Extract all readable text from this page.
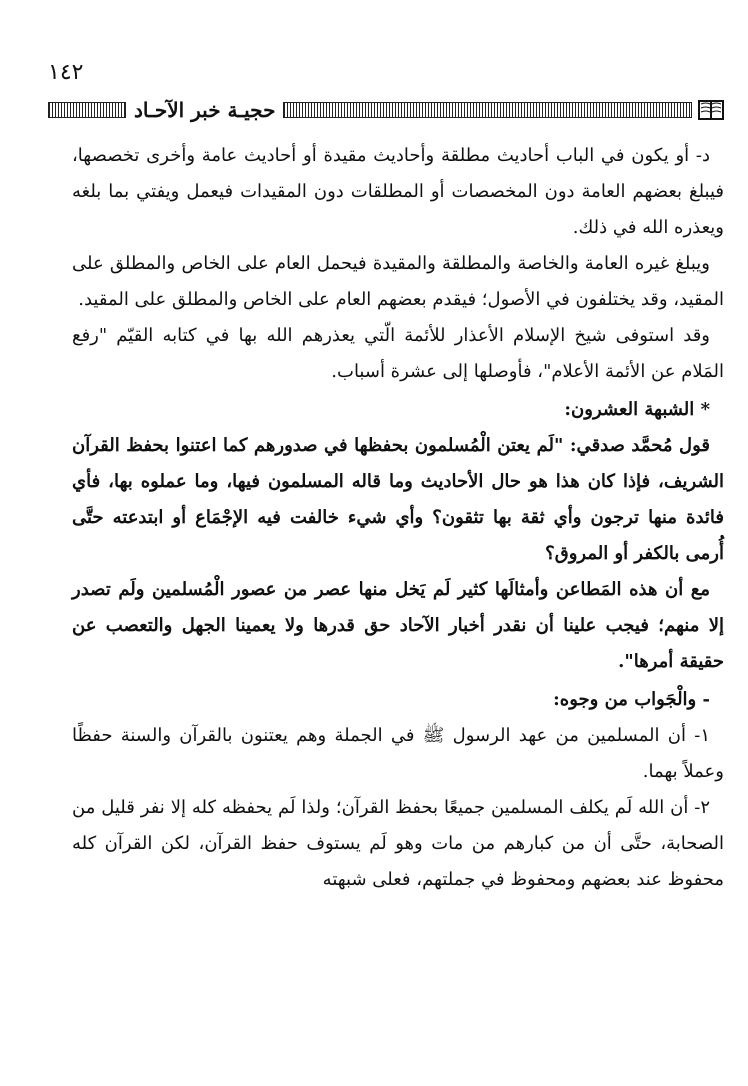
١٤٢
حجيـة خبر الآحـاد

د- أو يكون في الباب أحاديث مطلقة وأحاديث مقيدة أو أحاديث عامة وأخرى تخصصها، فيبلغ بعضهم العامة دون المخصصات أو المطلقات دون المقيدات فيعمل ويفتي بما بلغه ويعذره الله في ذلك.

ويبلغ غيره العامة والخاصة والمطلقة والمقيدة فيحمل العام على الخاص والمطلق على المقيد، وقد يختلفون في الأصول؛ فيقدم بعضهم العام على الخاص والمطلق على المقيد.

وقد استوفى شيخ الإسلام الأعذار للأئمة الّتي يعذرهم الله بها في كتابه القيّم "رفع المَلام عن الأئمة الأعلام"، فأوصلها إلى عشرة أسباب.

* الشبهة العشرون:

قول مُحمَّد صدقي: "لَم يعتن الْمُسلمون بحفظها في صدورهم كما اعتنوا بحفظ القرآن الشريف، فإذا كان هذا هو حال الأحاديث وما قاله المسلمون فيها، وما عملوه بها، فأي فائدة منها ترجون وأي ثقة بها تثقون؟ وأي شيء خالفت فيه الإجْمَاع أو ابتدعته حتَّى أُرمى بالكفر أو المروق؟

مع أن هذه المَطاعن وأمثالَها كثير لَم يَخل منها عصر من عصور الْمُسلمين ولَم تصدر إلا منهم؛ فيجب علينا أن نقدر أخبار الآحاد حق قدرها ولا يعمينا الجهل والتعصب عن حقيقة أمرها".

- والْجَواب من وجوه:

١- أن المسلمين من عهد الرسول ﷺ في الجملة وهم يعتنون بالقرآن والسنة حفظًا وعملاً بهما.

٢- أن الله لَم يكلف المسلمين جميعًا بحفظ القرآن؛ ولذا لَم يحفظه كله إلا نفر قليل من الصحابة، حتَّى أن من كبارهم من مات وهو لَم يستوف حفظ القرآن، لكن القرآن كله محفوظ عند بعضهم ومحفوظ في جملتهم، فعلى شبهته
